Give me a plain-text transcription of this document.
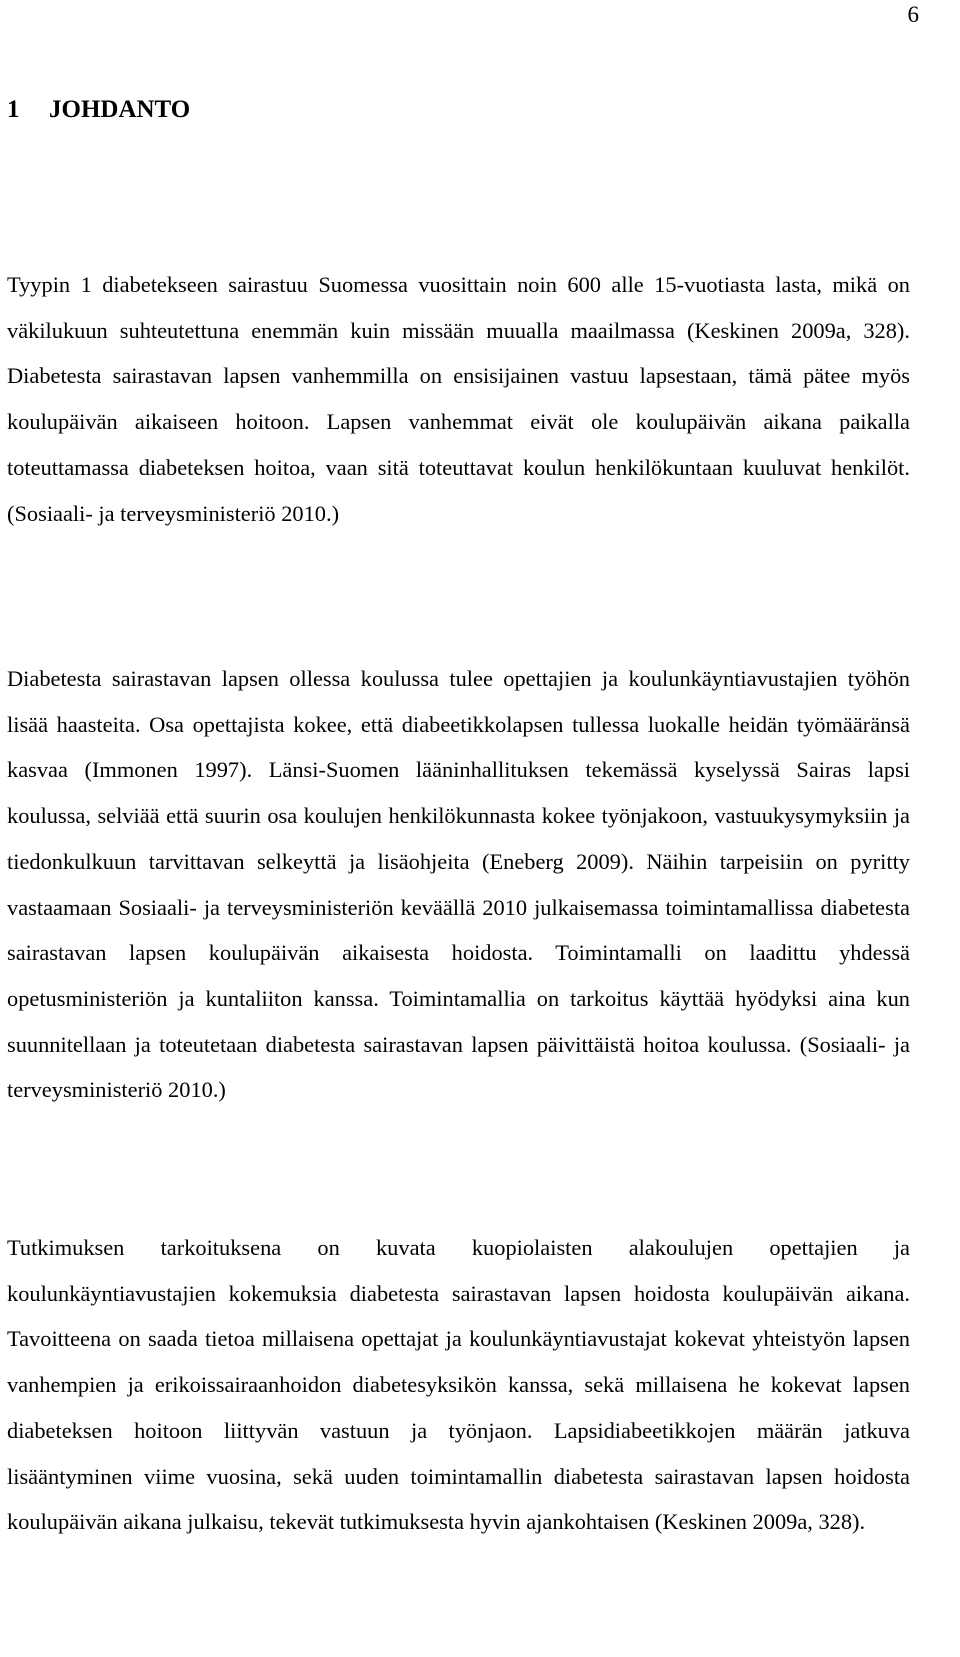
6
1 JOHDANTO

Tyypin 1 diabetekseen sairastuu Suomessa vuosittain noin 600 alle 15-vuotiasta lasta, mikä on väkilukuun suhteutettuna enemmän kuin missään muualla maailmassa (Keskinen 2009a, 328). Diabetesta sairastavan lapsen vanhemmilla on ensisijainen vastuu lapsestaan, tämä pätee myös koulupäivän aikaiseen hoitoon. Lapsen vanhemmat eivät ole koulupäivän aikana paikalla toteuttamassa diabeteksen hoitoa, vaan sitä toteuttavat koulun henkilökuntaan kuuluvat henkilöt. (Sosiaali- ja terveysministeriö 2010.)

Diabetesta sairastavan lapsen ollessa koulussa tulee opettajien ja koulunkäyntiavustajien työhön lisää haasteita. Osa opettajista kokee, että diabeetikkolapsen tullessa luokalle heidän työmääränsä kasvaa (Immonen 1997). Länsi-Suomen lääninhallituksen tekemässä kyselyssä Sairas lapsi koulussa, selviää että suurin osa koulujen henkilökunnasta kokee työnjakoon, vastuukysymyksiin ja tiedonkulkuun tarvittavan selkeyttä ja lisäohjeita (Eneberg 2009). Näihin tarpeisiin on pyritty vastaamaan Sosiaali- ja terveysministeriön keväällä 2010 julkaisemassa toimintamallissa diabetesta sairastavan lapsen koulupäivän aikaisesta hoidosta. Toimintamalli on laadittu yhdessä opetusministeriön ja kuntaliiton kanssa. Toimintamallia on tarkoitus käyttää hyödyksi aina kun suunnitellaan ja toteutetaan diabetesta sairastavan lapsen päivittäistä hoitoa koulussa. (Sosiaali- ja terveysministeriö 2010.)

Tutkimuksen tarkoituksena on kuvata kuopiolaisten alakoulujen opettajien ja koulunkäyntiavustajien kokemuksia diabetesta sairastavan lapsen hoidosta koulupäivän aikana. Tavoitteena on saada tietoa millaisena opettajat ja koulunkäyntiavustajat kokevat yhteistyön lapsen vanhempien ja erikoissairaanhoidon diabetesyksikön kanssa, sekä millaisena he kokevat lapsen diabeteksen hoitoon liittyvän vastuun ja työnjaon. Lapsidiabeetikkojen määrän jatkuva lisääntyminen viime vuosina, sekä uuden toimintamallin diabetesta sairastavan lapsen hoidosta koulupäivän aikana julkaisu, tekevät tutkimuksesta hyvin ajankohtaisen (Keskinen 2009a, 328).
